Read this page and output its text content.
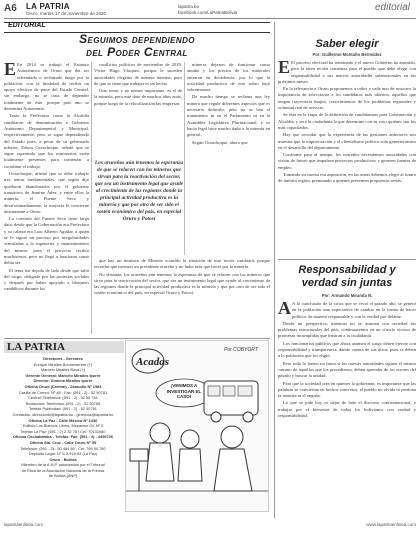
A6 LA PATRIA
Oruro, martes 17 de noviembre de 2020
lapatria.bo
facebook.com/LaPatriaBolivia	editorial
EDITORIAL
Seguimos dependiendo
del Poder Central

E En 2014 se trabajó el Estatuto Autonómico de Oruro que iba ser refrendado o rechazado luego por la población, con la finalidad de recibir un apoyo efectivo de parte del Estado Central, sin embargo, no se trata de depender totalmente de éste, porque pais uno se denomina Autonomía.

Tanto la Prefectura como la Alcaldía cambiaron de denominación a Gobierno Autónomo Departamental y Municipal, respectivamente, pero se sigue dependiendo del Estado pues, a pesar de su gobernado inferior, Edson Oczachoque, señaló que se sigue esperando que los ministerios estén totalmente presentes para comenzar a coordinar el trabajo.

Oczachoque, afirmó que se debe trabajar tres temas fundamentales, que según dijo quedaron abandonados por el gobierno transitorio de Jeanine Áñez, y entre ellos la minería, el Puente Seco y desafortunadamente, la mayoría le concierne únicamente a Oruro.

La cuestión del Puente Seco tiene larga data, desde que la Gobernación era Prefectura y su cabeza era Luis Alberto Aguilar, a quién se le siguió un proceso por irregularidades vinculadas a la ingeniería y mantenimiento del mismo, pues el proyecto recibió muchísimos, pero no llegó a funcionar como debía ser.

El tema fue dejado de lado desde que salió del cargo, obligado por las protestas sociales y después por haber apoyado a bloqueos vandálicos durante los

conflictos políticos de noviembre de 2019, Víctor Hugo Vásquez, porque le suceden autoridades elegidas de manera interina, pero de que se tiene que trabajar es un hecho.

Otro tema, y no menos importante, es el de la minería, pero este dato de muchos años atrás, porque luego de la relocalización las empresas

Los orureños aún tenemos la esperanza de que se relacen con los mineros que sirvan para la reactivación del sector, que sea un instrumento legal que ayude al crecimiento de las regiones donde la principal actividad productiva es la minería y que por otro de ser sido el sostén económico del país, en especial Oruro y Potosí

que hay un ministro de Minería ocurrido la situación de este sector cambiará, porque recordar que tuvimos un presidente orureño y no hubo más que hacer por la minería.

No obstante, los orureños aún tenemos la esperanza de que se relacen con los mineros que sirva para la reactivación del sector, que sea un instrumento legal que ayude al crecimiento de las regiones donde la principal actividad productiva es la minería y que por otro de ser sido el sostén económico del país, en especial Oruro y Potosí.

mineras dejaron de funcionar como antaño y los precios de los minerales entraron en decadencia, por lo que la actividad productiva de este rubro bajó sobremanera.

De mucho tiempo se reclama una ley minera que regule diferentes aspectos que es necesario definirlo, pero no se han el tratamiento ni en el Parlamento ni en la Asamblea Legislativa Plurinacional, y se hacía legal hace mucho daño a la minería en general.

Según Oczachoque, ahora que

Saber elegir
Por: Guillermo Montaño Bermúdez

E El proceso electoral ha terminado y el nuevo Gobierno ha asumido, pero la tarea recién comienza para el pueblo que debe elegir con responsabilidad a sus nuevas autoridades subnacionales en los próximos meses.

En la relevancia a Oruro proponemos a todos y cada uno de nosotros la importancia de seleccionar a los candidatos más idóneos, aquellos que tengan trayectoria limpia, conocimientos de los problemas regionales y voluntad real de servicio.

Se está en la etapa de la definición de candidaturas para Gobernación y Alcaldía, y será la ciudadanía la que determine con su voto quiénes son los más capacitados.

Hay que recordar que la experiencia de las gestiones anteriores nos muestra que la improvisación y el clientelismo político solo generan atraso en el desarrollo del departamento.

Conforme pasa el tiempo, los orureños necesitamos autoridades con visión de futuro que impulsen proyectos productivos y generen fuentes de empleo.

Tomando en cuenta esa aspiración, en las urnas debemos elegir al futuro de nuestra región, premiando a quienes presenten propuestas serias.

Responsabilidad y
verdad sin juntas
Por: Armando Miranda N.

A A la conclusión de la crisis que se vivió el pasado año, se generó en la población una expectativa de cambio en la forma de hacer política, de manera responsable y con la verdad por delante.

Desde mi perspectiva, mientras no se asuman con seriedad los problemas estructurales del país, continuaremos en un círculo vicioso de promesas incumplidas que frustran a la ciudadanía.

Los funcionarios públicos que ahora asumen el cargo deben ejercer con responsabilidad y transparencia, dando cuenta de sus actos, pues se deben a la población que los eligió.

Pero todo lo bueno no basta si las nuevas autoridades siguen el mismo camino de aquellos que los precedieron, deben aprender de los errores del pasado y buscar la unidad.

Para que la sociedad crea en quienes la gobiernan, es importante que las palabras se conviertan en hechos concretos; el pueblo no olvida ni perdona la mentira ni el engaño.

Lo que se pide hoy es dejar de lado el discurso confrontacional, y trabajar por el bienestar de todos los bolivianos con verdad y responsabilidad.

LA PATRIA
Directores - Gerentes
Enrique Miralles Bonnecarrere (†)
Marcelo Miralles Bová (†)
Gerente General: Marcelo Miralles Iporre
Director: Ximena Miralles Iporre
Oficina Oruro (Central) - Zamudio Nº 1583
Casilla de Correo: Nº 48 - Fax: (591 - 2) - 52 50781
Central: Telefónica: (591 - 2) - 52 55 781
Redacción: Telefónica: (591 - 2) - 52 50785
Telefax Publicidad: (591 - 2) - 52 50781
Contactos: direcciontv@lapatria.bo - gerencia@lapatria.bo
Oficina La Paz - Calle México Nº 1430
Edificio Los Blancos Libres, Mezanine Of. Nº 3
Telefax La Paz: (591 - 2) 2 32 78 / Cel: 70131680
Oficina Cochabamba - Telefax: Fax: (591 - 4) - 4496726
Oficina Sta. Cruz - Calle Oruro Nº 59
Telefonos: (591 - 3) - 50 484 89 - Cel: 799 50 780
Depósito Legal: N° 5-3-919-83 (La Paz)
Oruro - Bolivia
Miembro de la A.N.P. autorizados por el Tribunal
de Ética de la Asociación Nacional de la Prensa
de Bolivia (ANP)
Acadas
Por COBYORT
¡VENIMOS A INVESTIGAR EL CASO!
lapatriaenlinea.com	www.lapatriaenlinea.com
